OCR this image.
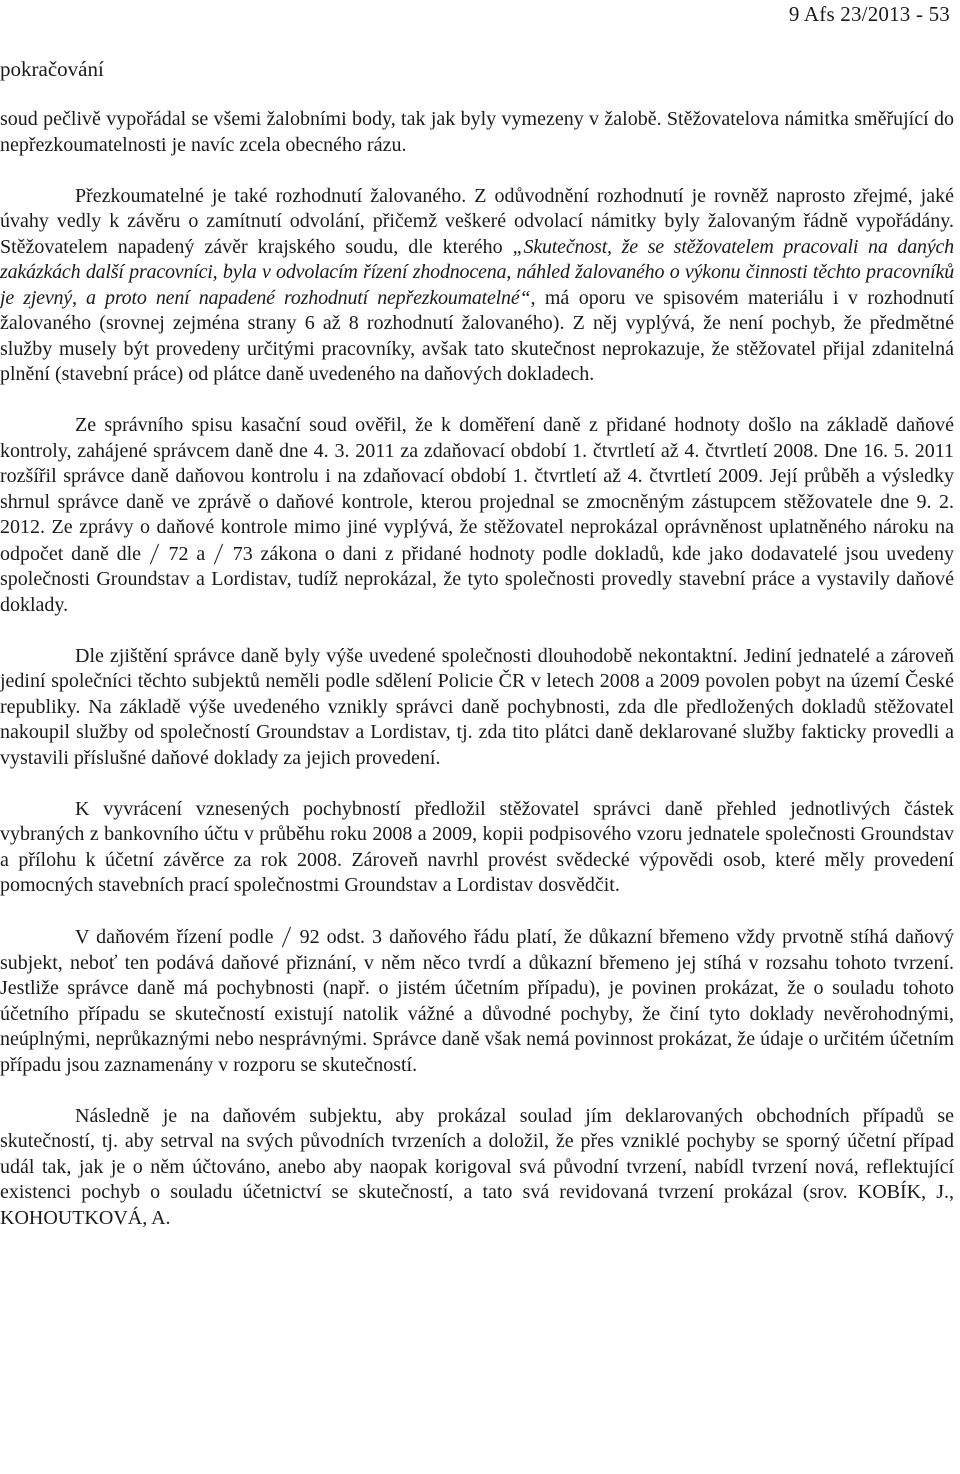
9 Afs 23/2013 - 53
pokračování

soud pečlivě vypořádal se všemi žalobními body, tak jak byly vymezeny v žalobě. Stěžovatelova námitka směřující do nepřezkoumatelnosti je navíc zcela obecného rázu.

Přezkoumatelné je také rozhodnutí žalovaného. Z odůvodnění rozhodnutí je rovněž naprosto zřejmé, jaké úvahy vedly k závěru o zamítnutí odvolání, přičemž veškeré odvolací námitky byly žalovaným řádně vypořádány. Stěžovatelem napadený závěr krajského soudu, dle kterého „Skutečnost, že se stěžovatelem pracovali na daných zakázkách další pracovníci, byla v odvolacím řízení zhodnocena, náhled žalovaného o výkonu činnosti těchto pracovníků je zjevný, a proto není napadené rozhodnutí nepřezkoumatelné“, má oporu ve spisovém materiálu i v rozhodnutí žalovaného (srovnej zejména strany 6 až 8 rozhodnutí žalovaného). Z něj vyplývá, že není pochyb, že předmětné služby musely být provedeny určitými pracovníky, avšak tato skutečnost neprokazuje, že stěžovatel přijal zdanitelná plnění (stavební práce) od plátce daně uvedeného na daňových dokladech.

Ze správního spisu kasační soud ověřil, že k doměření daně z přidané hodnoty došlo na základě daňové kontroly, zahájené správcem daně dne 4. 3. 2011 za zdaňovací období 1. čtvrtletí až 4. čtvrtletí 2008. Dne 16. 5. 2011 rozšířil správce daně daňovou kontrolu i na zdaňovací období 1. čtvrtletí až 4. čtvrtletí 2009. Její průběh a výsledky shrnul správce daně ve zprávě o daňové kontrole, kterou projednal se zmocněným zástupcem stěžovatele dne 9. 2. 2012. Ze zprávy o daňové kontrole mimo jiné vyplývá, že stěžovatel neprokázal oprávněnost uplatněného nároku na odpočet daně dle  72 a  73 zákona o dani z přidané hodnoty podle dokladů, kde jako dodavatelé jsou uvedeny společnosti Groundstav a Lordistav, tudíž neprokázal, že tyto společnosti provedly stavební práce a vystavily daňové doklady.

Dle zjištění správce daně byly výše uvedené společnosti dlouhodobě nekontaktní. Jediní jednatelé a zároveň jediní společníci těchto subjektů neměli podle sdělení Policie ČR v letech 2008 a 2009 povolen pobyt na území České republiky. Na základě výše uvedeného vznikly správci daně pochybnosti, zda dle předložených dokladů stěžovatel nakoupil služby od společností Groundstav a Lordistav, tj. zda tito plátci daně deklarované služby fakticky provedli a vystavili příslušné daňové doklady za jejich provedení.

K vyvrácení vznesených pochybností předložil stěžovatel správci daně přehled jednotlivých částek vybraných z bankovního účtu v průběhu roku 2008 a 2009, kopii podpisového vzoru jednatele společnosti Groundstav a přílohu k účetní závěrce za rok 2008. Zároveň navrhl provést svědecké výpovědi osob, které měly provedení pomocných stavebních prací společnostmi Groundstav a Lordistav dosvědčit.

V daňovém řízení podle  92 odst. 3 daňového řádu platí, že důkazní břemeno vždy prvotně stíhá daňový subjekt, neboť ten podává daňové přiznání, v něm něco tvrdí a důkazní břemeno jej stíhá v rozsahu tohoto tvrzení. Jestliže správce daně má pochybnosti (např. o jistém účetním případu), je povinen prokázat, že o souladu tohoto účetního případu se skutečností existují natolik vážné a důvodné pochyby, že činí tyto doklady nevěrohodnými, neúplnými, neprůkaznými nebo nesprávnými. Správce daně však nemá povinnost prokázat, že údaje o určitém účetním případu jsou zaznamenány v rozporu se skutečností.

Následně je na daňovém subjektu, aby prokázal soulad jím deklarovaných obchodních případů se skutečností, tj. aby setrval na svých původních tvrzeních a doložil, že přes vzniklé pochyby se sporný účetní případ udál tak, jak je o něm účtováno, anebo aby naopak korigoval svá původní tvrzení, nabídl tvrzení nová, reflektující existenci pochyb o souladu účetnictví se skutečností, a tato svá revidovaná tvrzení prokázal (srov. KOBÍK, J., KOHOUTKOVÁ, A.
